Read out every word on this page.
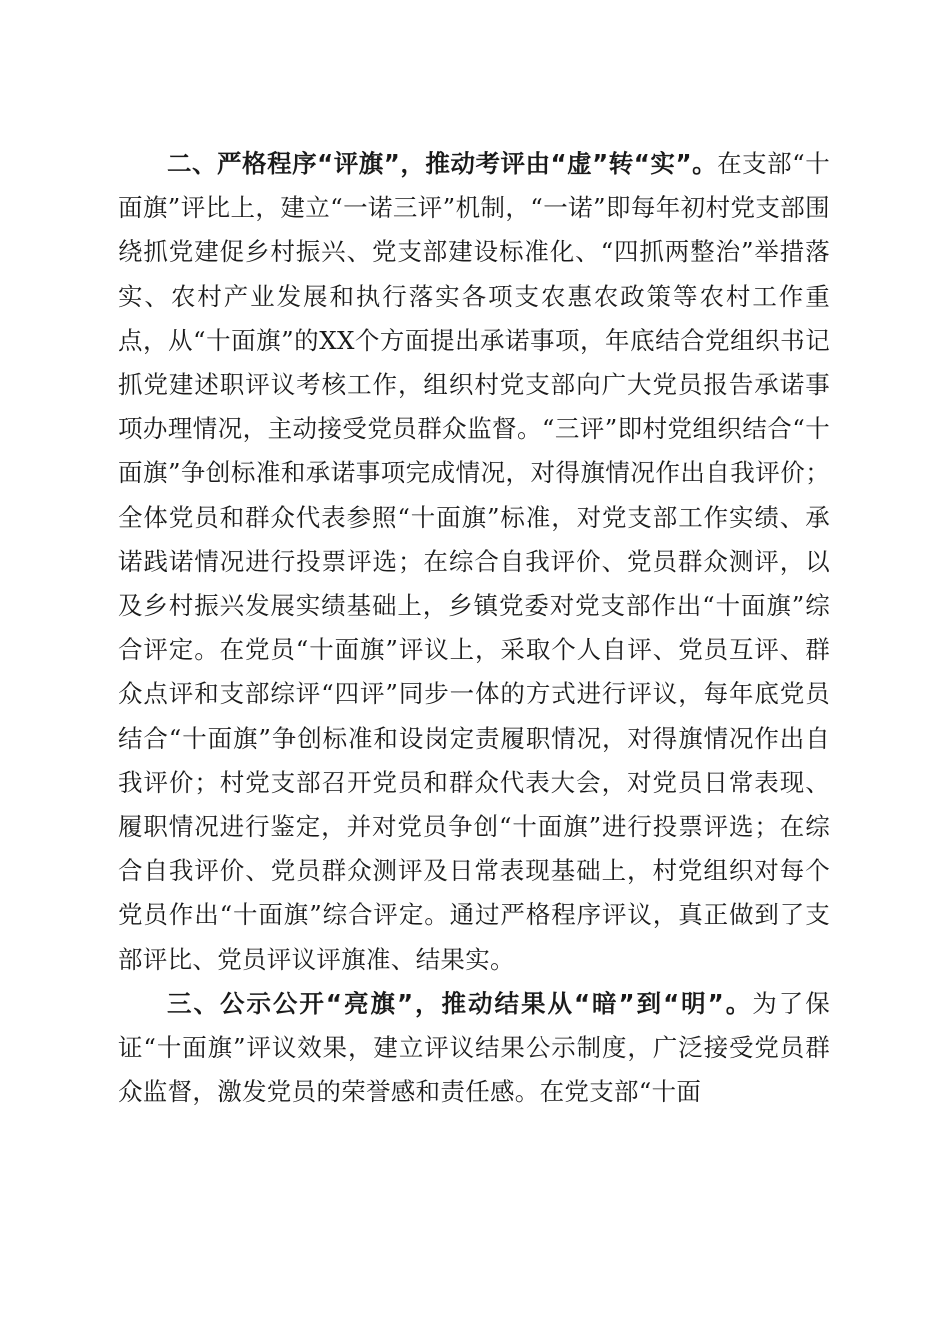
二、严格程序“评旗”，推动考评由“虚”转“实”。在支部“十面旗”评比上，建立“一诺三评”机制，“一诺”即每年初村党支部围绕抓党建促乡村振兴、党支部建设标准化、“四抓两整治”举措落实、农村产业发展和执行落实各项支农惠农政策等农村工作重点，从“十面旗”的XX个方面提出承诺事项，年底结合党组织书记抓党建述职评议考核工作，组织村党支部向广大党员报告承诺事项办理情况，主动接受党员群众监督。“三评”即村党组织结合“十面旗”争创标准和承诺事项完成情况，对得旗情况作出自我评价；全体党员和群众代表参照“十面旗”标准，对党支部工作实绩、承诺践诺情况进行投票评选；在综合自我评价、党员群众测评，以及乡村振兴发展实绩基础上，乡镇党委对党支部作出“十面旗”综合评定。在党员“十面旗”评议上，采取个人自评、党员互评、群众点评和支部综评“四评”同步一体的方式进行评议，每年底党员结合“十面旗”争创标准和设岗定责履职情况，对得旗情况作出自我评价；村党支部召开党员和群众代表大会，对党员日常表现、履职情况进行鉴定，并对党员争创“十面旗”进行投票评选；在综合自我评价、党员群众测评及日常表现基础上，村党组织对每个党员作出“十面旗”综合评定。通过严格程序评议，真正做到了支部评比、党员评议评旗准、结果实。

三、公示公开“亮旗”，推动结果从“暗”到“明”。为了保证“十面旗”评议效果，建立评议结果公示制度，广泛接受党员群众监督，激发党员的荣誉感和责任感。在党支部“十面
